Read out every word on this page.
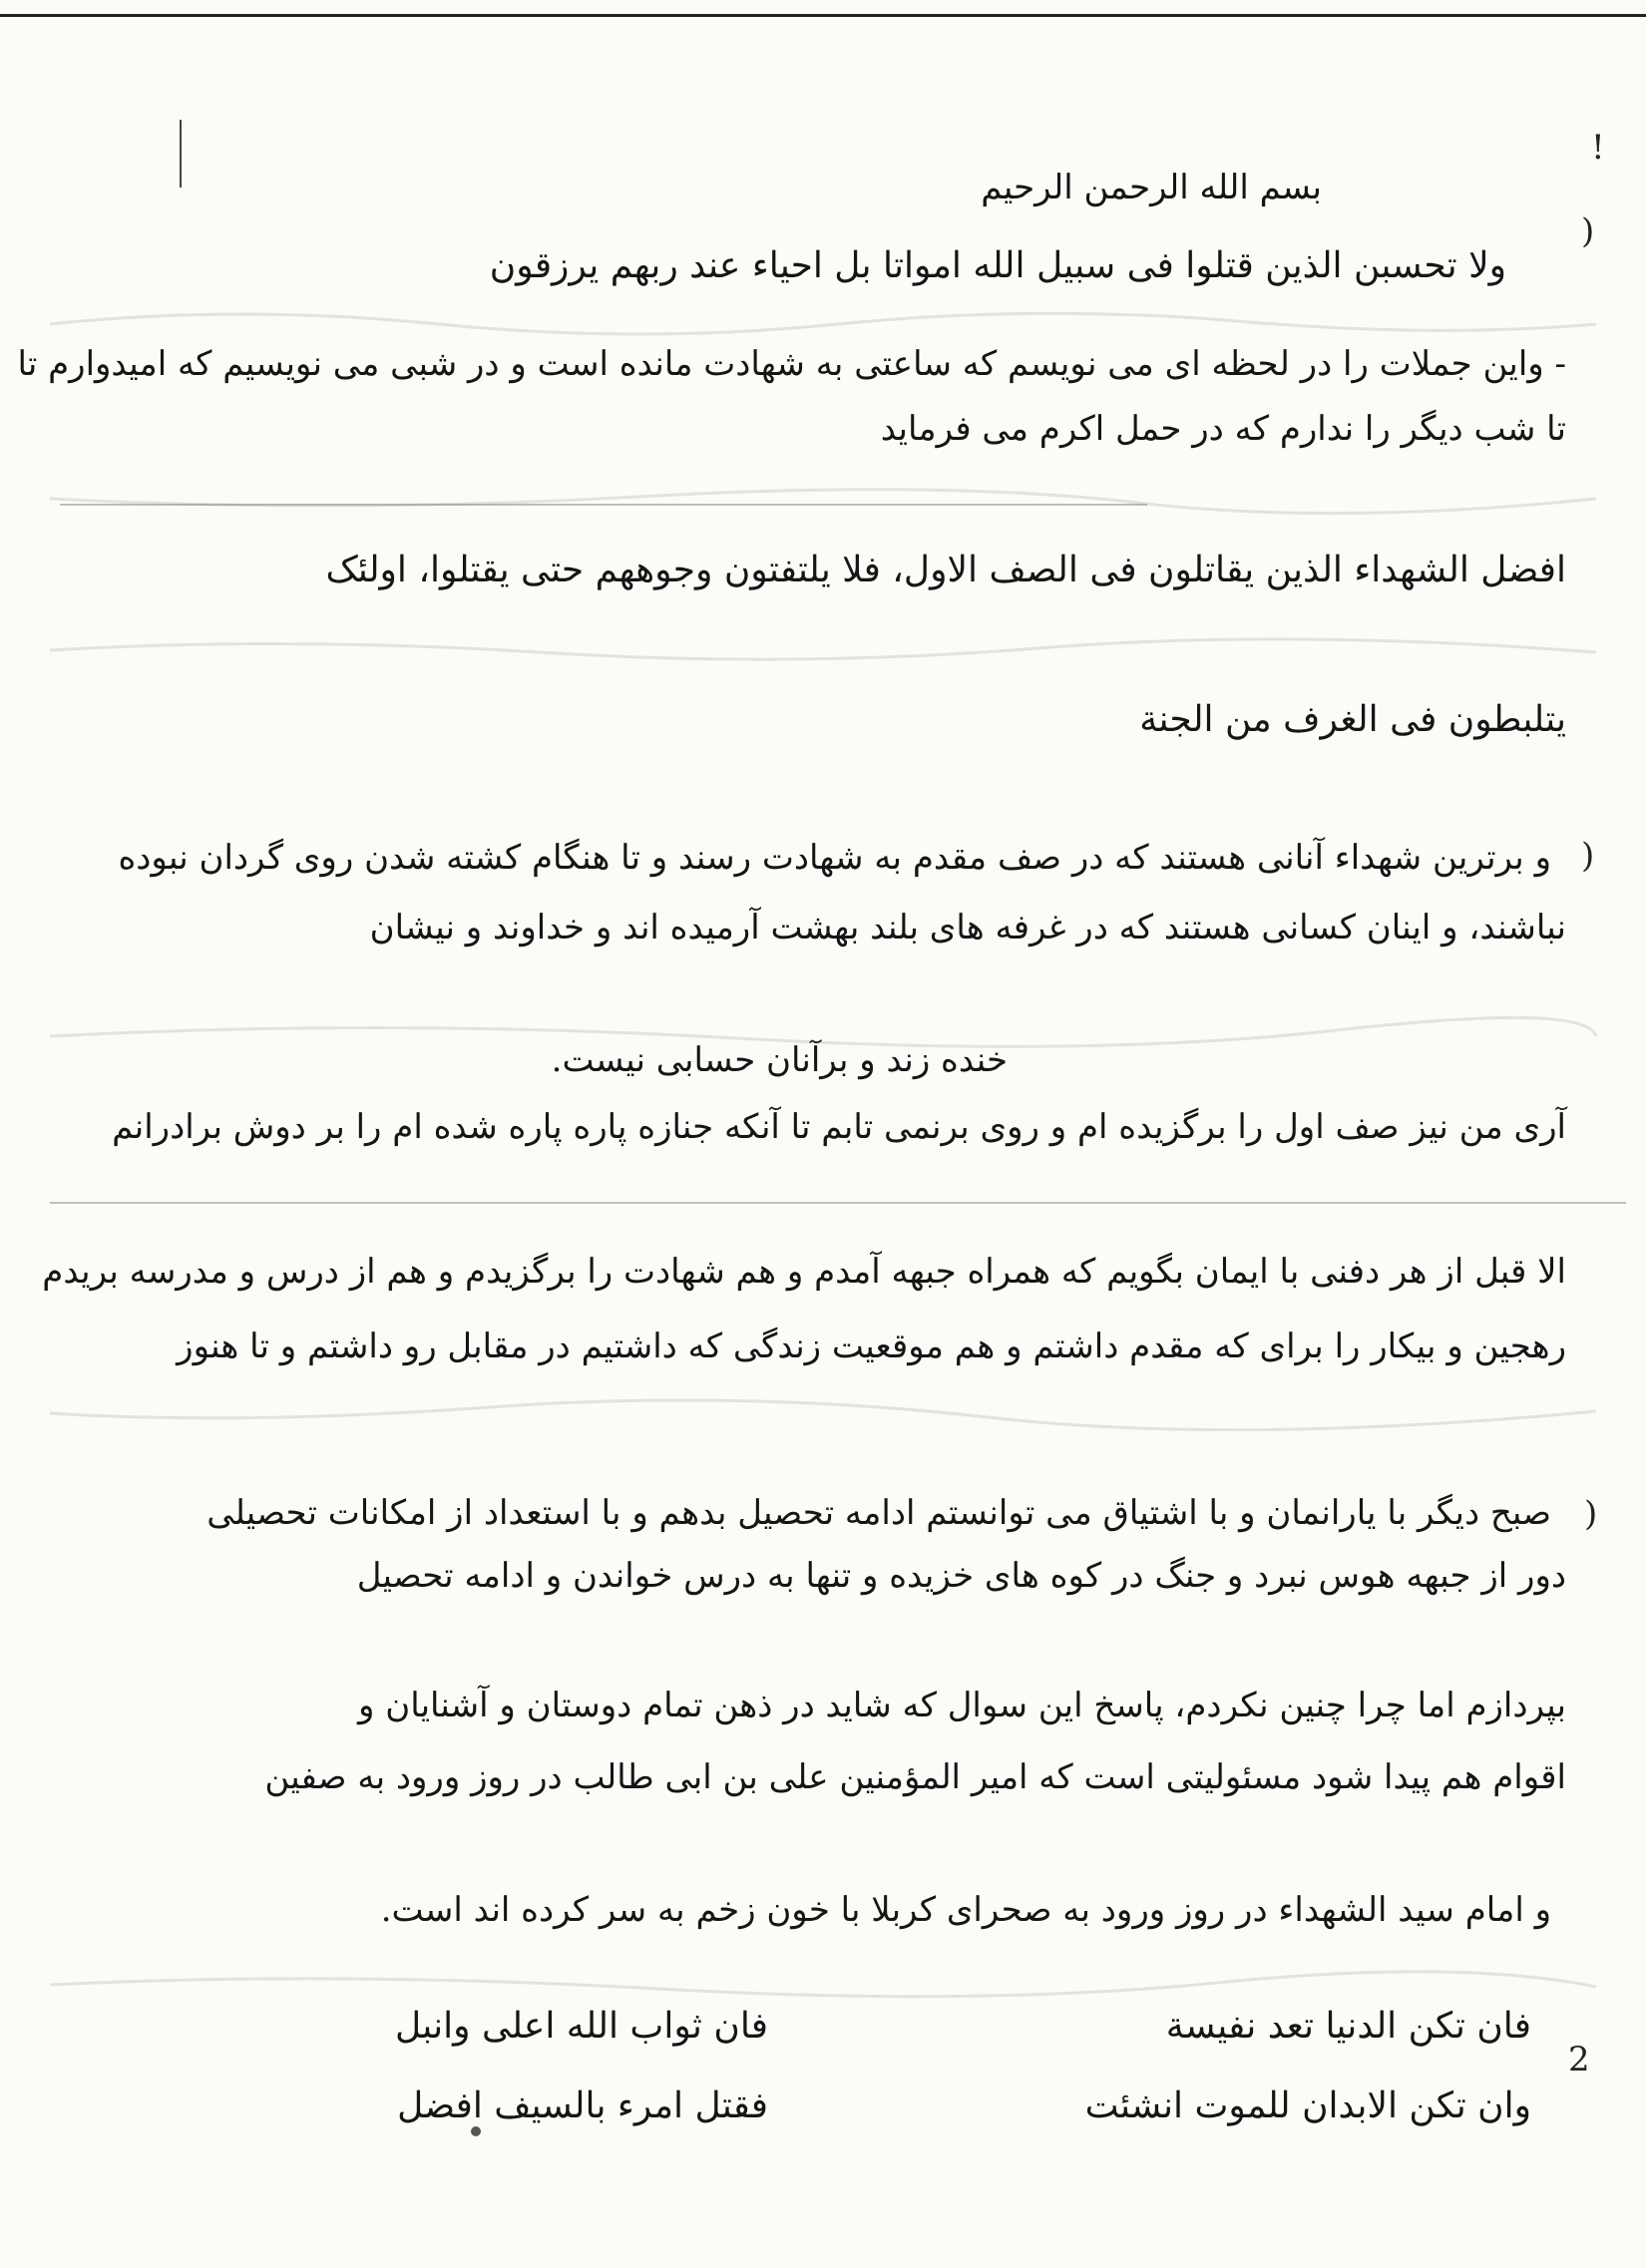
!
)
)
)
2
بسم الله الرحمن الرحیم
ولا تحسبن الذین قتلوا فی سبیل الله امواتا بل احیاء عند ربهم یرزقون
- واین جملات را در لحظه ای می نویسم که ساعتی به شهادت مانده است و در شبی می نویسیم که امیدوارم تا
تا شب دیگر را ندارم که در حمل اکرم می فرماید
افضل الشهداء الذین یقاتلون فی الصف الاول، فلا یلتفتون وجوههم حتی یقتلوا، اولئک
یتلبطون فی الغرف من الجنة
و برترین شهداء آنانی هستند که در صف مقدم به شهادت رسند و تا هنگام کشته شدن روی گردان نبوده
نباشند، و اینان کسانی هستند که در غرفه های بلند بهشت آرمیده اند و خداوند و نیشان
خنده زند و برآنان حسابی نیست.
آری من نیز صف اول را برگزیده ام و روی برنمی تابم تا آنکه جنازه پاره پاره شده ام را بر دوش برادرانم
الا قبل از هر دفنی با ایمان بگویم که همراه جبهه آمدم و هم شهادت را برگزیدم و هم از درس و مدرسه بریدم
رهجین و بیکار را برای که مقدم داشتم و هم موقعیت زندگی که داشتیم در مقابل رو داشتم و تا هنوز
صبح دیگر با یارانمان و با اشتیاق می توانستم ادامه تحصیل بدهم و با استعداد از امکانات تحصیلی
دور از جبهه هوس نبرد و جنگ در کوه های خزیده و تنها به درس خواندن و ادامه تحصیل
بپردازم اما چرا چنین نکردم، پاسخ این سوال که شاید در ذهن تمام دوستان و آشنایان و
اقوام هم پیدا شود مسئولیتی است که امیر المؤمنین علی بن ابی طالب در روز ورود به صفین
و امام سید الشهداء در روز ورود به صحرای کربلا با خون زخم به سر کرده اند است.
فان تکن الدنیا تعد نفیسة
فان ثواب الله اعلی وانبل
وان تکن الابدان للموت انشئت
فقتل امرء بالسیف افضل
